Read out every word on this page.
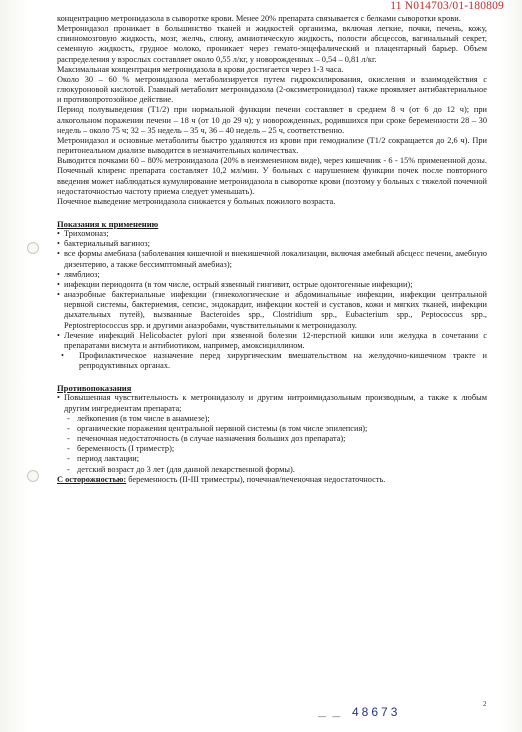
11 N014703/01-180809

концентрацию метронидазола в сыворотке крови. Менее 20% препарата связывается с белками сыворотки крови.

Метронидазол проникает в большинство тканей и жидкостей организма, включая легкие, почки, печень, кожу, спинномозговую жидкость, мозг, желчь, слюну, амниотическую жидкость, полости абсцессов, вагинальный секрет, семенную жидкость, грудное молоко, проникает через гемато-энцефалический и плацентарный барьер. Объем распределения у взрослых составляет около 0,55 л/кг, у новорожденных – 0,54 – 0,81 л/кг.

Максимальная концентрация метронидазола в крови достигается через 1-3 часа.

Около 30 – 60 % метронидазола метаболизируется путем гидроксилирования, окисления и взаимодействия с глюкуроновой кислотой. Главный метаболит метронидазола (2-оксиметронидазол) также проявляет антибактериальное и противопротозойное действие.

Период полувыведения (T1/2) при нормальной функции печени составляет в среднем 8 ч (от 6 до 12 ч); при алкогольном поражении печени – 18 ч (от 10 до 29 ч); у новорожденных, родившихся при сроке беременности 28 – 30 недель – около 75 ч; 32 – 35 недель – 35 ч, 36 – 40 недель – 25 ч, соответственно.

Метронидазол и основные метаболиты быстро удаляются из крови при гемодиализе (T1/2 сокращается до 2,6 ч). При перитонеальном диализе выводится в незначительных количествах.

Выводится почками 60 – 80% метронидазола (20% в неизмененном виде), через кишечник - 6 - 15% примененной дозы. Почечный клиренс препарата составляет 10,2 мл/мин. У больных с нарушением функции почек после повторного введения может наблюдаться кумулирование метронидазола в сыворотке крови (поэтому у больных с тяжелой почечной недостаточностью частоту приема следует уменьшать).

Почечное выведение метронидазола снижается у больных пожилого возраста.

Показания к применению

• Трихомоназ;
• бактериальный вагиноз;
• все формы амебиаза (заболевания кишечной и внекишечной локализации, включая амебный абсцесс печени, амебную дизентерию, а также бессимптомный амебиаз);
• лямблиоз;
• инфекции периодонта (в том числе, острый язвенный гингивит, острые одонтогенные инфекции);
• анаэробные бактериальные инфекции (гинекологические и абдоминальные инфекции, инфекции центральной нервной системы, бактериемия, сепсис, эндокардит, инфекции костей и суставов, кожи и мягких тканей, инфекции дыхательных путей), вызванные Bacteroides spp., Clostridium spp., Eubacterium spp., Peptococcus spp., Peptostreptococcus spp. и другими анаэробами, чувствительными к метронидазолу.
• Лечение инфекций Helicobacter pylori при язвенной болезни 12-перстной кишки или желудка в сочетании с препаратами висмута и антибиотиком, например, амоксициллином.
• Профилактическое назначение перед хирургическим вмешательством на желудочно-кишечном тракте и репродуктивных органах.

Противопоказания

• Повышенная чувствительность к метронидазолу и другим нитроимидазольным производным, а также к любым другим ингредиентам препарата;
- лейкопения (в том числе в анамнезе);
- органические поражения центральной нервной системы (в том числе эпилепсия);
- печеночная недостаточность (в случае назначения больших доз препарата);
- беременность (I триместр);
- период лактации;
- детский возраст до 3 лет (для данной лекарственной формы).

С осторожностью: беременность (II-III триместры), почечная/печеночная недостаточность.

— — 48673
2
